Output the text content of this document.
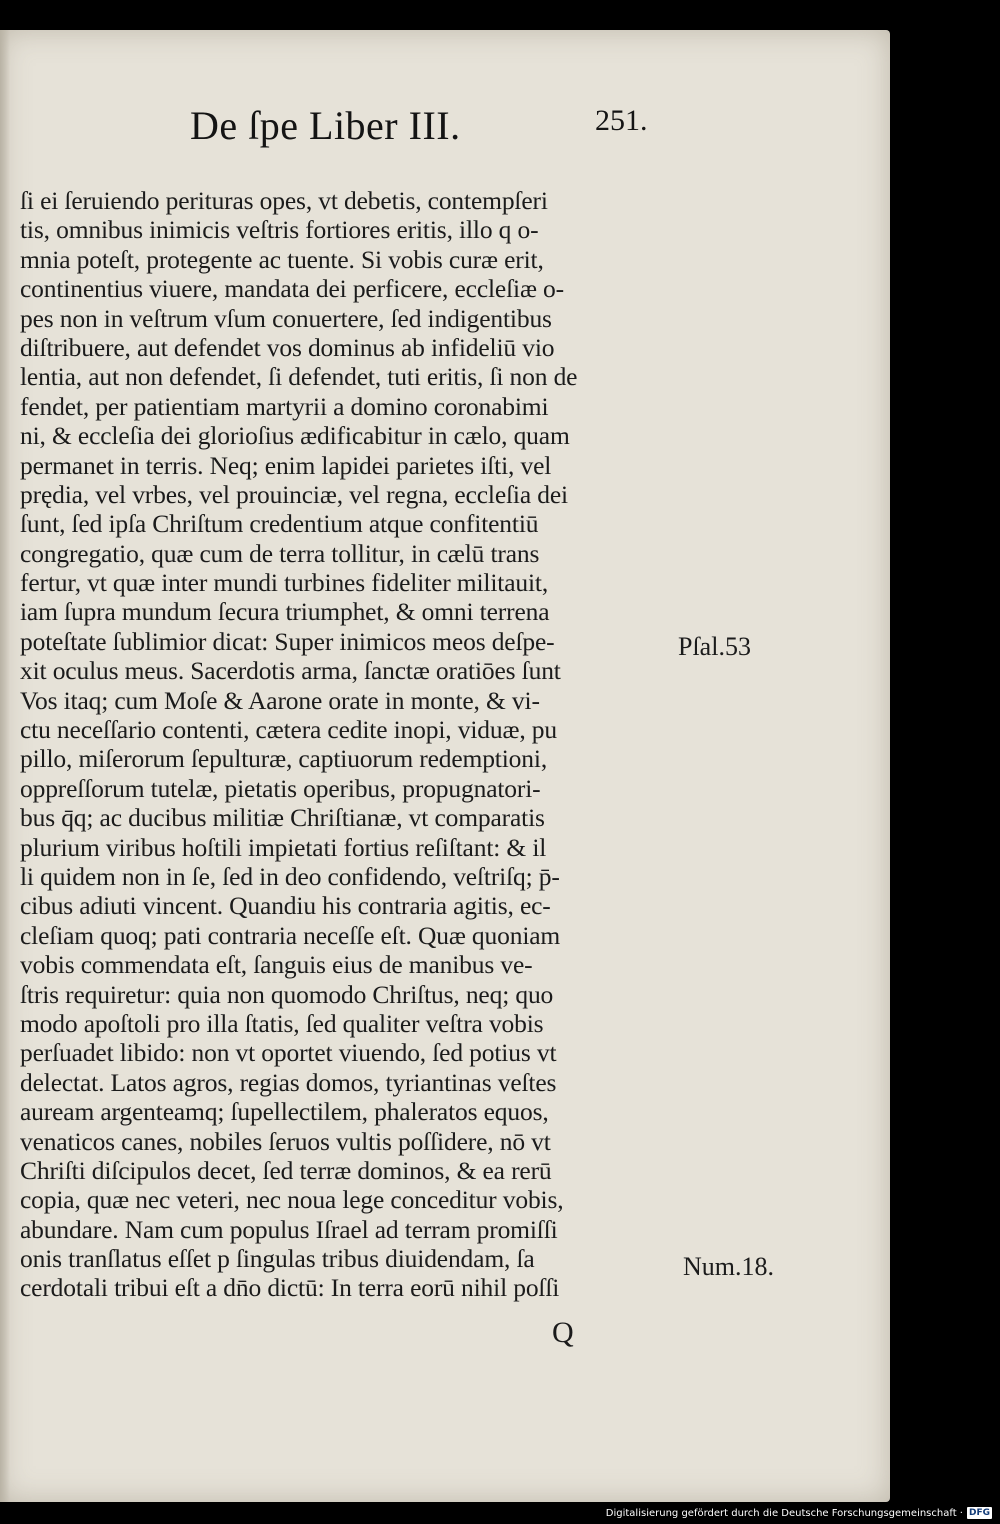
De ſpe Liber III.	251.
ſi ei ſeruiendo perituras opes, vt debetis, contempſeri
tis, omnibus inimicis veſtris fortiores eritis, illo q o-
mnia poteſt, protegente ac tuente. Si vobis curæ erit,
continentius viuere, mandata dei perficere, eccleſiæ o-
pes non in veſtrum vſum conuertere, ſed indigentibus
diſtribuere, aut defendet vos dominus ab infideliū vio
lentia, aut non defendet, ſi defendet, tuti eritis, ſi non de
fendet, per patientiam martyrii a domino coronabimi
ni, & eccleſia dei glorioſius ædificabitur in cælo, quam
permanet in terris. Neq; enim lapidei parietes iſti, vel
prędia, vel vrbes, vel prouinciæ, vel regna, eccleſia dei
ſunt, ſed ipſa Chriſtum credentium atque confitentiū
congregatio, quæ cum de terra tollitur, in cælū trans
fertur, vt quæ inter mundi turbines fideliter militauit,
iam ſupra mundum ſecura triumphet, & omni terrena
poteſtate ſublimior dicat: Super inimicos meos deſpe-
xit oculus meus. Sacerdotis arma, ſanctæ oratiōes ſunt
Vos itaq; cum Moſe & Aarone orate in monte, & vi-
ctu neceſſario contenti, cætera cedite inopi, viduæ, pu
pillo, miſerorum ſepulturæ, captiuorum redemptioni,
oppreſſorum tutelæ, pietatis operibus, propugnatori-
bus q̄q; ac ducibus militiæ Chriſtianæ, vt comparatis
plurium viribus hoſtili impietati fortius reſiſtant: & il
li quidem non in ſe, ſed in deo confidendo, veſtriſq; p̄-
cibus adiuti vincent. Quandiu his contraria agitis, ec-
cleſiam quoq; pati contraria neceſſe eſt. Quæ quoniam
vobis commendata eſt, ſanguis eius de manibus ve-
ſtris requiretur: quia non quomodo Chriſtus, neq; quo
modo apoſtoli pro illa ſtatis, ſed qualiter veſtra vobis
perſuadet libido: non vt oportet viuendo, ſed potius vt
delectat. Latos agros, regias domos, tyriantinas veſtes
auream argenteamq; ſupellectilem, phaleratos equos,
venaticos canes, nobiles ſeruos vultis poſſidere, nō vt
Chriſti diſcipulos decet, ſed terræ dominos, & ea rerū
copia, quæ nec veteri, nec noua lege conceditur vobis,
abundare. Nam cum populus Iſrael ad terram promiſſi
onis tranſlatus eſſet p ſingulas tribus diuidendam, ſa
cerdotali tribui eſt a dn̄o dictū: In terra eorū nihil poſſi
Pſal.53
Num.18.
Q
Digitalisierung gefördert durch die Deutsche Forschungsgemeinschaft · DFG
